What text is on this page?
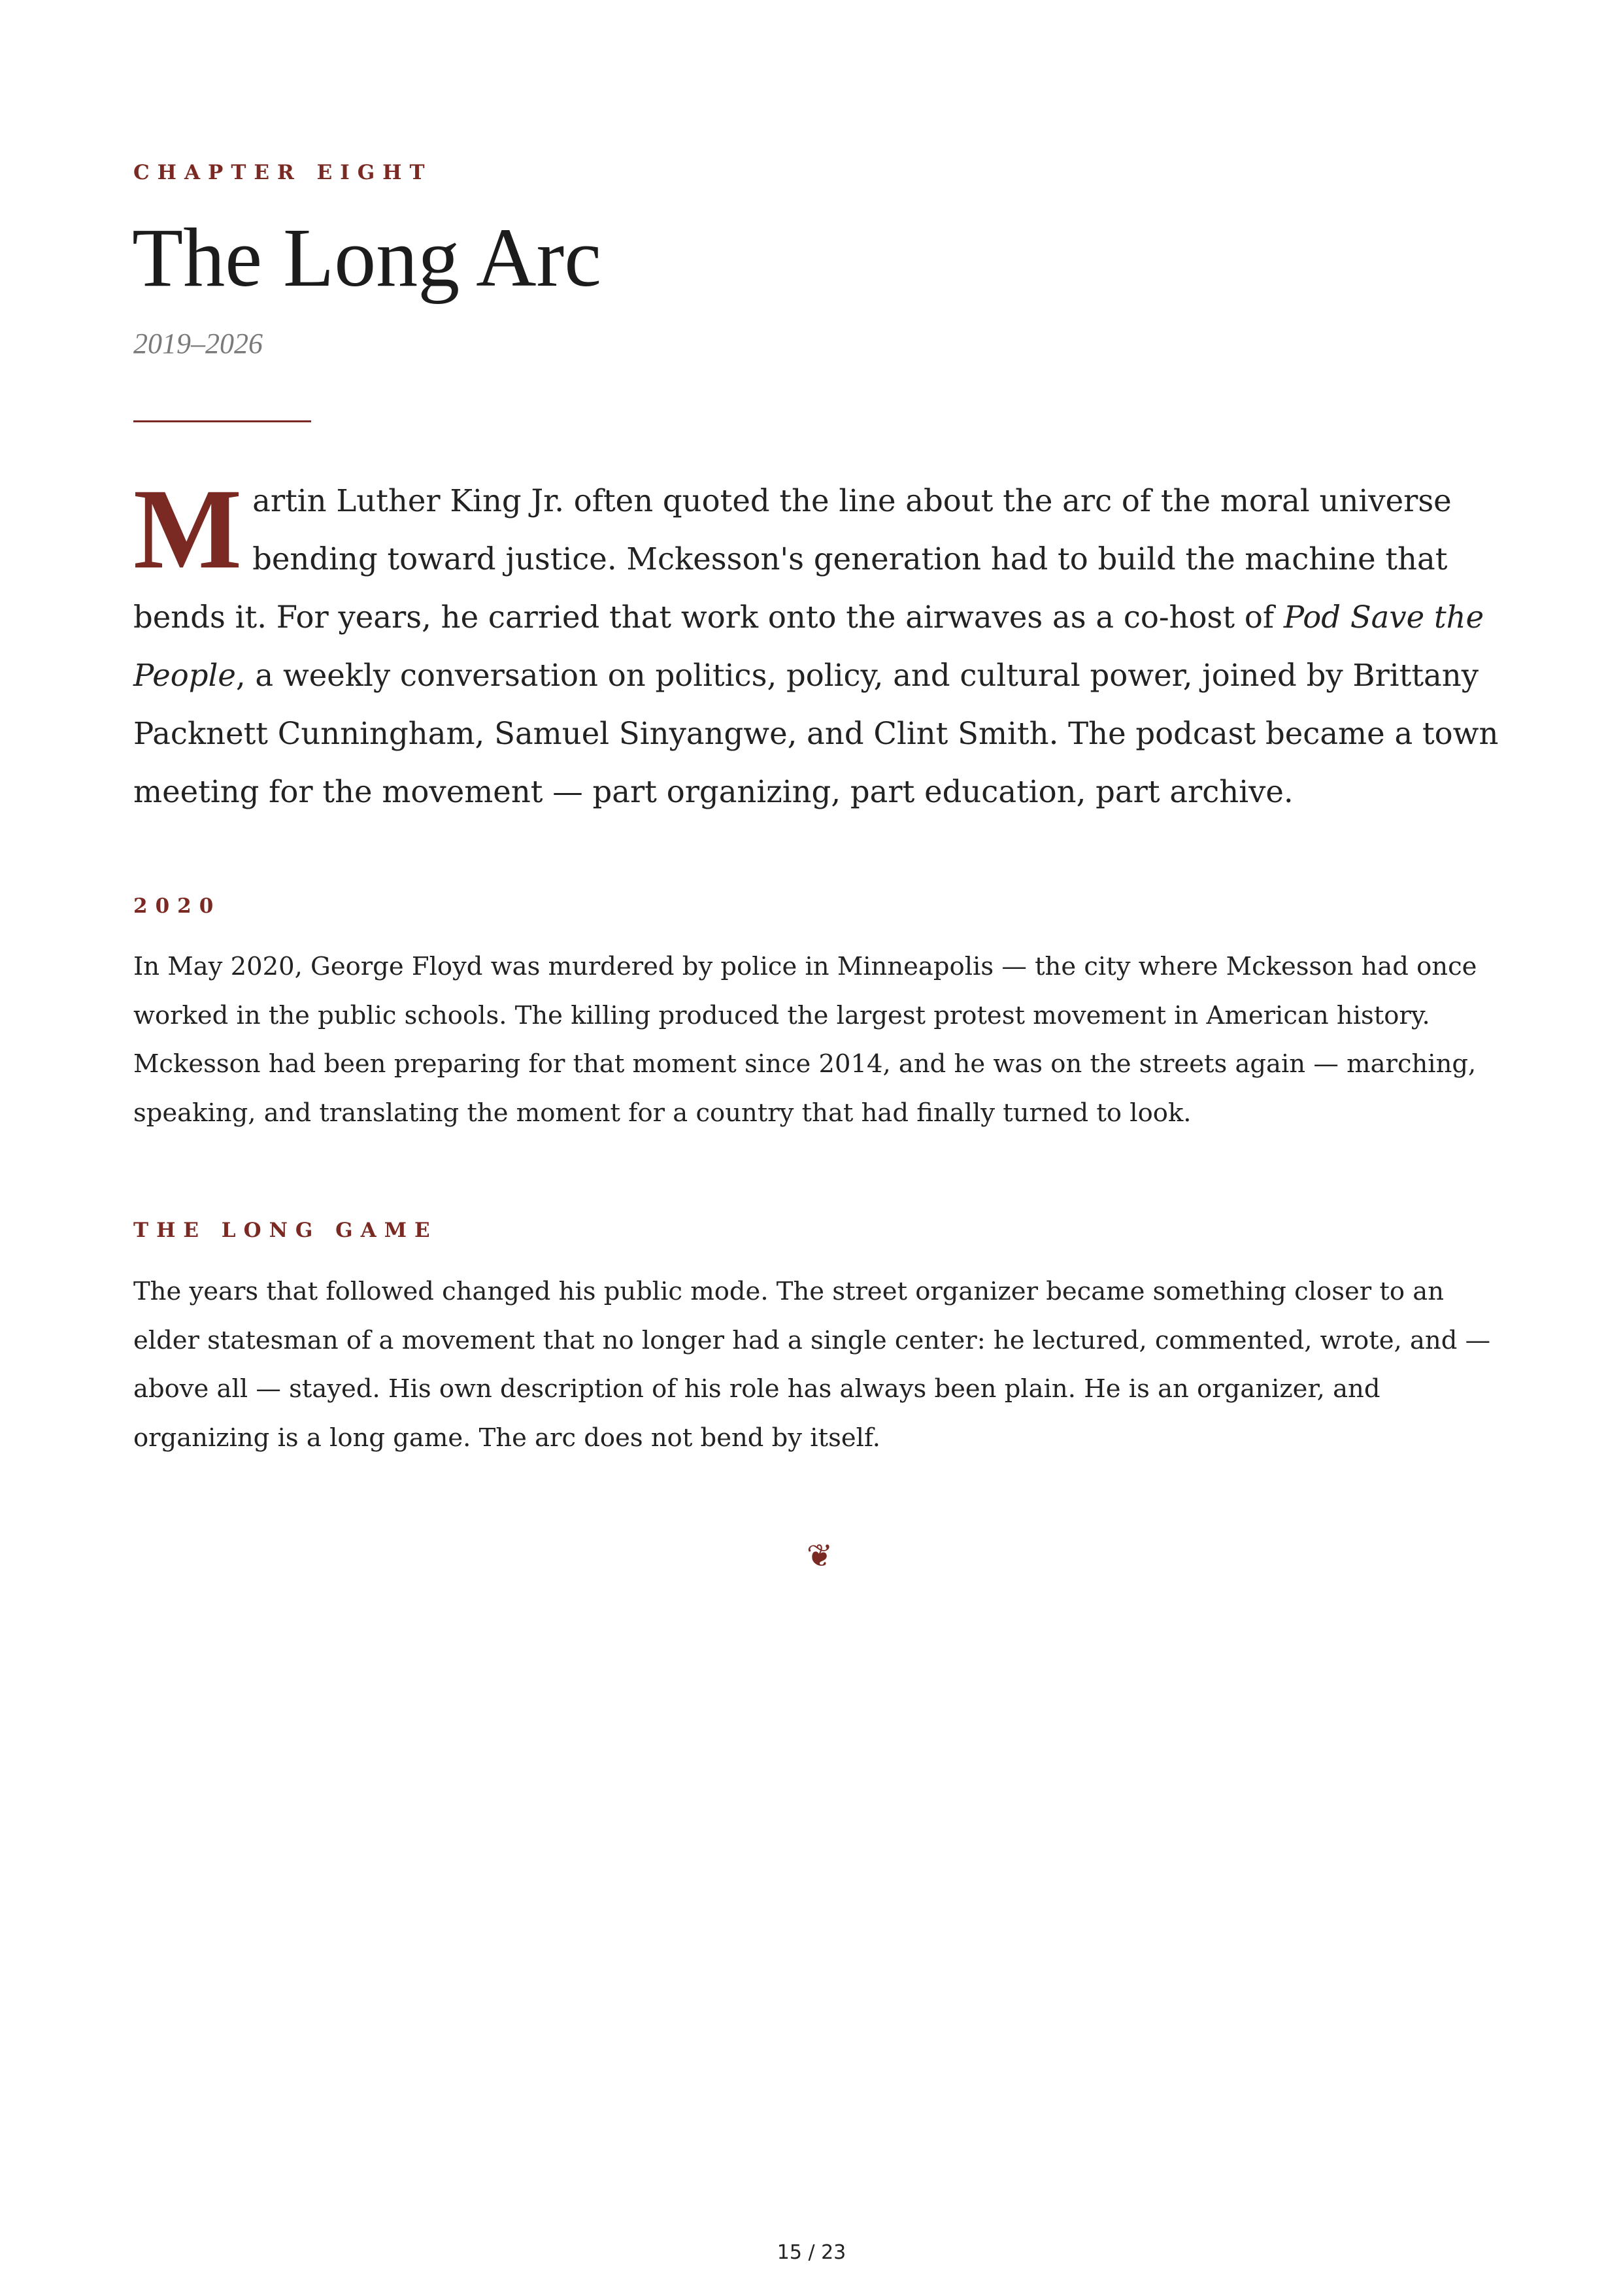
CHAPTER EIGHT
The Long Arc
2019–2026

Martin Luther King Jr. often quoted the line about the arc of the moral universe bending toward justice. Mckesson's generation had to build the machine that bends it. For years, he carried that work onto the airwaves as a co-host of Pod Save the People, a weekly conversation on politics, policy, and cultural power, joined by Brittany Packnett Cunningham, Samuel Sinyangwe, and Clint Smith. The podcast became a town meeting for the movement — part organizing, part education, part archive.

2020

In May 2020, George Floyd was murdered by police in Minneapolis — the city where Mckesson had once worked in the public schools. The killing produced the largest protest movement in American history. Mckesson had been preparing for that moment since 2014, and he was on the streets again — marching, speaking, and translating the moment for a country that had finally turned to look.

THE LONG GAME

The years that followed changed his public mode. The street organizer became something closer to an elder statesman of a movement that no longer had a single center: he lectured, commented, wrote, and — above all — stayed. His own description of his role has always been plain. He is an organizer, and organizing is a long game. The arc does not bend by itself.

❦
15 / 23
